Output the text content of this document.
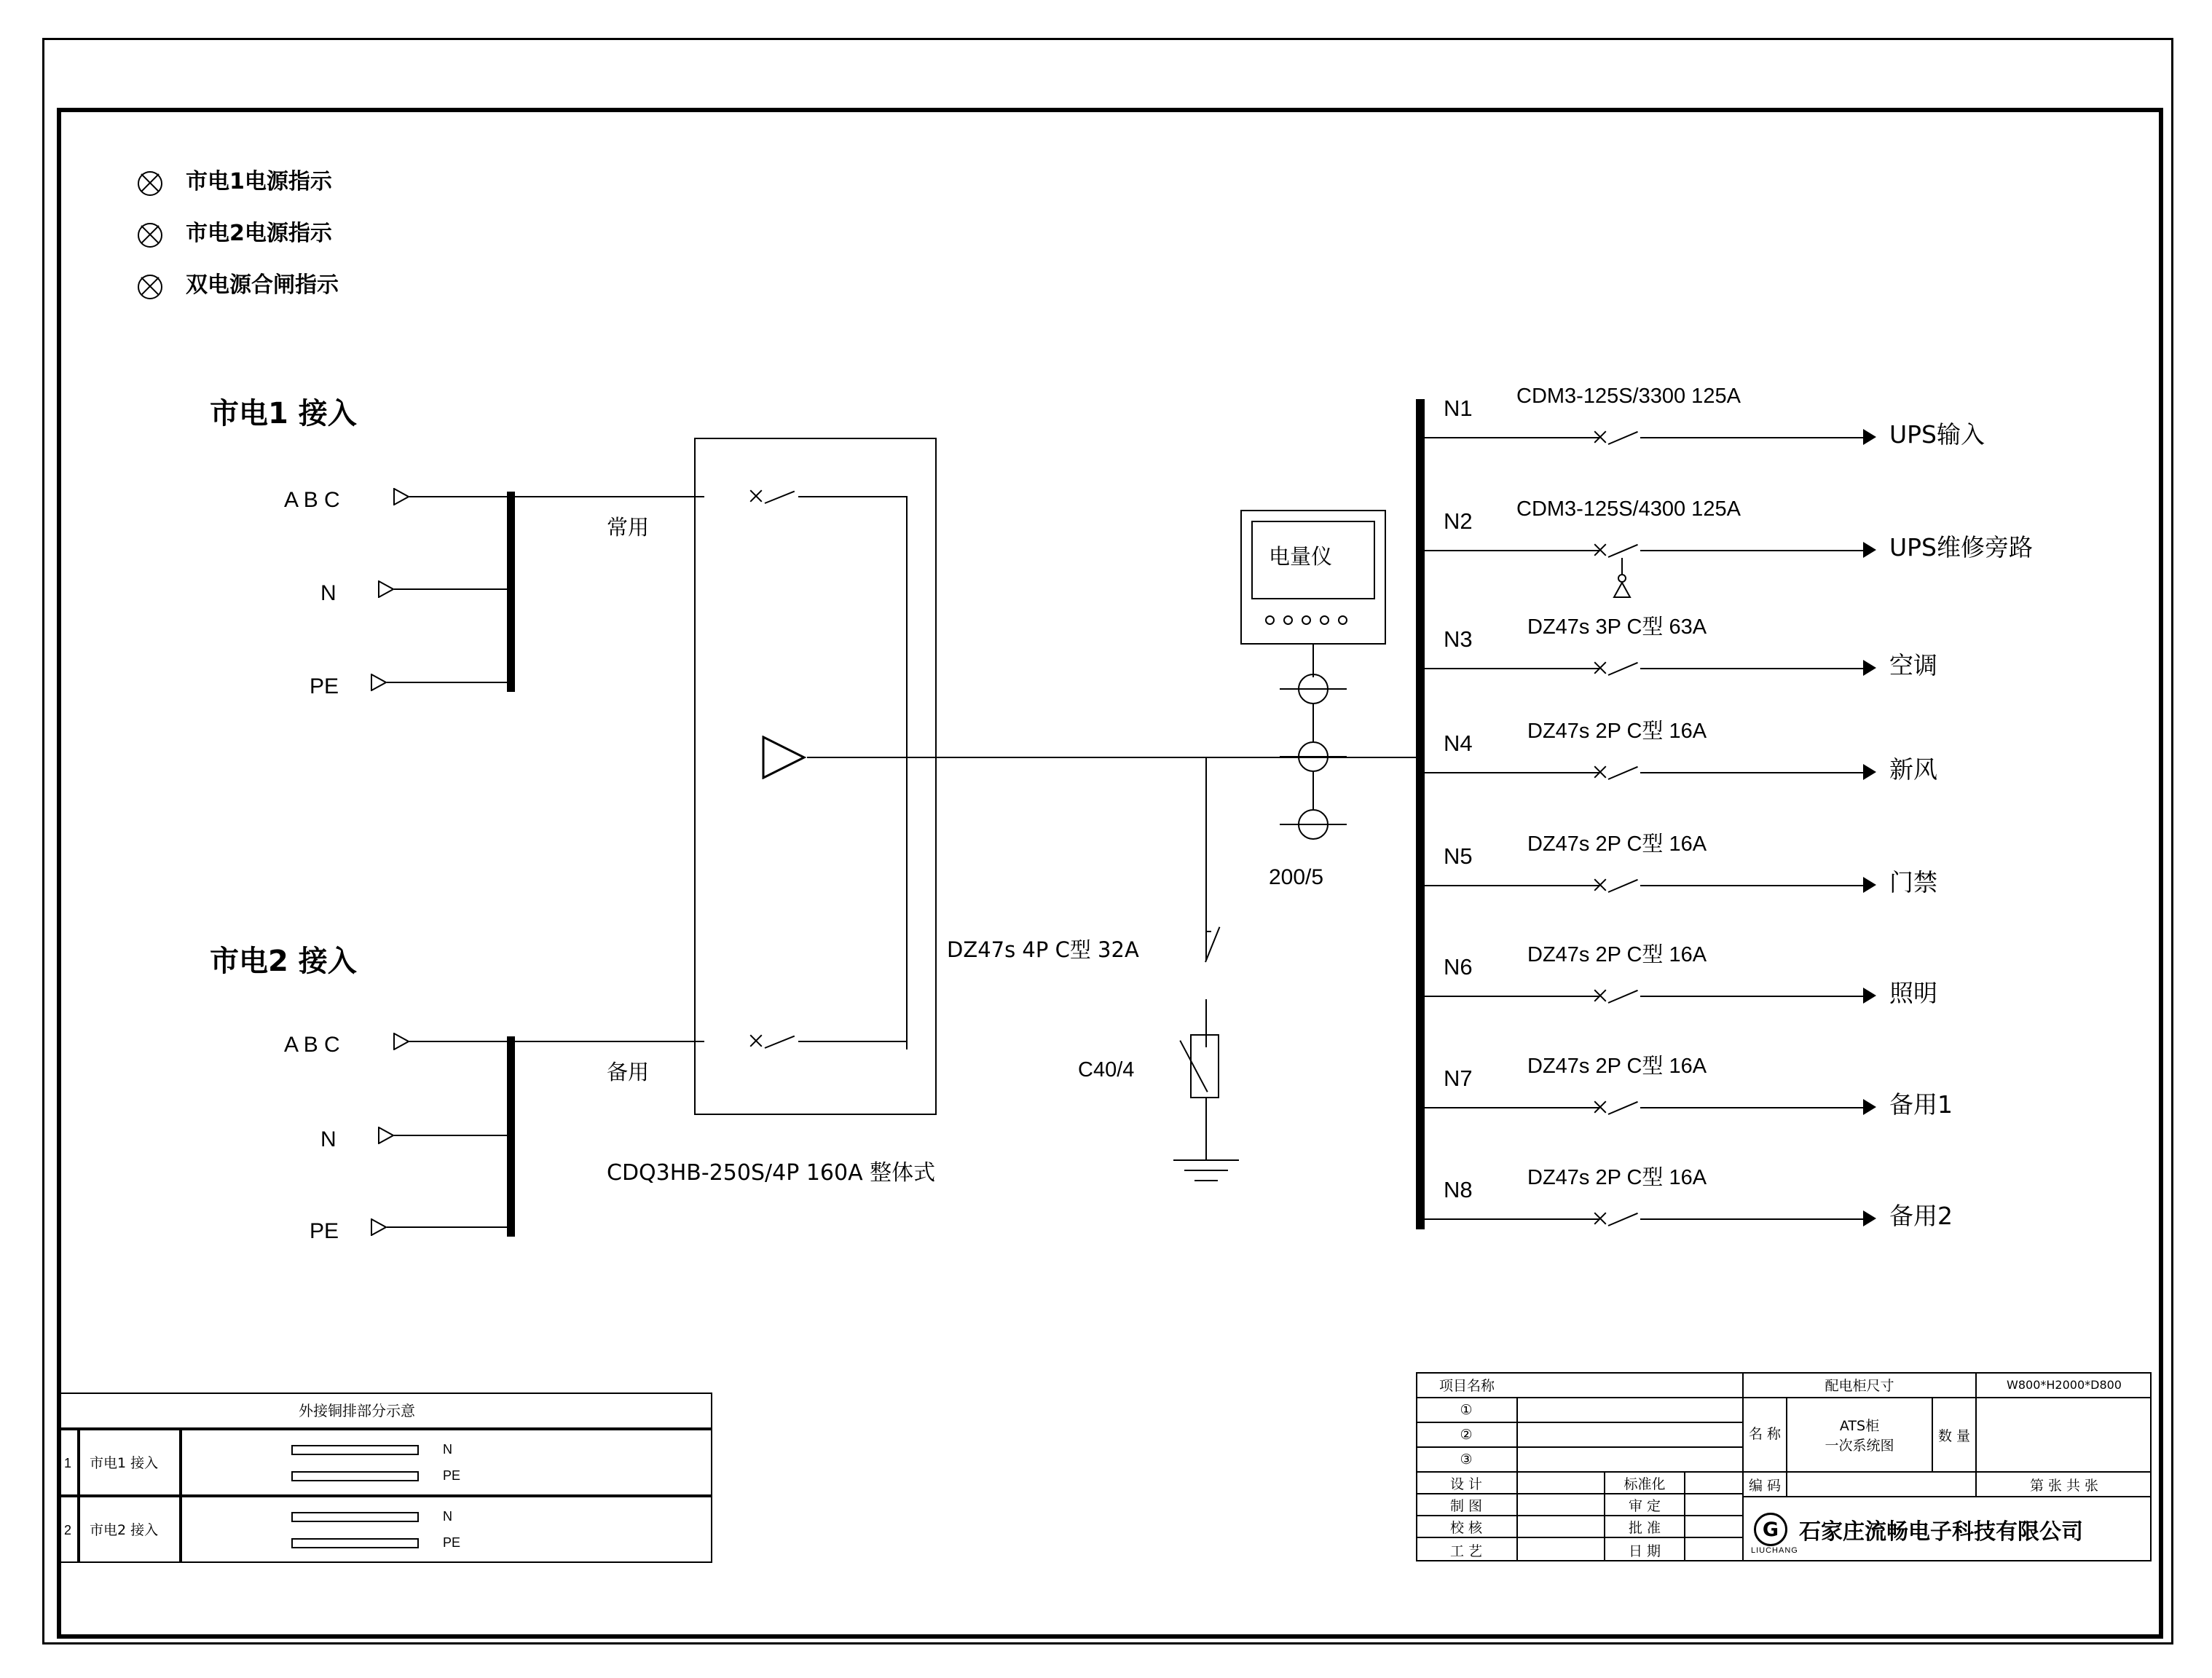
市电1电源指示
市电2电源指示
双电源合闸指示
市电1 接入
A B C
N
PE
市电2 接入
A B C
N
PE
常用
备用
CDQ3HB-250S/4P 160A 整体式
DZ47s 4P C型 32A
C40/4
电量仪
200/5
N1 CDM3-125S/3300 125A
UPS输入
N2 CDM3-125S/4300 125A
UPS维修旁路
N3	DZ47s 3P C型 63A
空调
N4	DZ47s 2P C型 16A
新风
N5	DZ47s 2P C型 16A
门禁
N6	DZ47s 2P C型 16A
照明
N7	DZ47s 2P C型 16A
备用1
N8	DZ47s 2P C型 16A
备用2
外接铜排部分示意
1 市电1 接入
N
PE
2 市电2 接入
N
PE
项目名称	配电柜尺寸	W800*H2000*D800
①
②
③
名 称
ATS柜
一次系统图
数 量
编 码	第 张 共 张
设 计	标准化
制 图	审 定
校 核	批 准
工 艺	日 期
G 石家庄流畅电子科技有限公司
LIUCHANG
